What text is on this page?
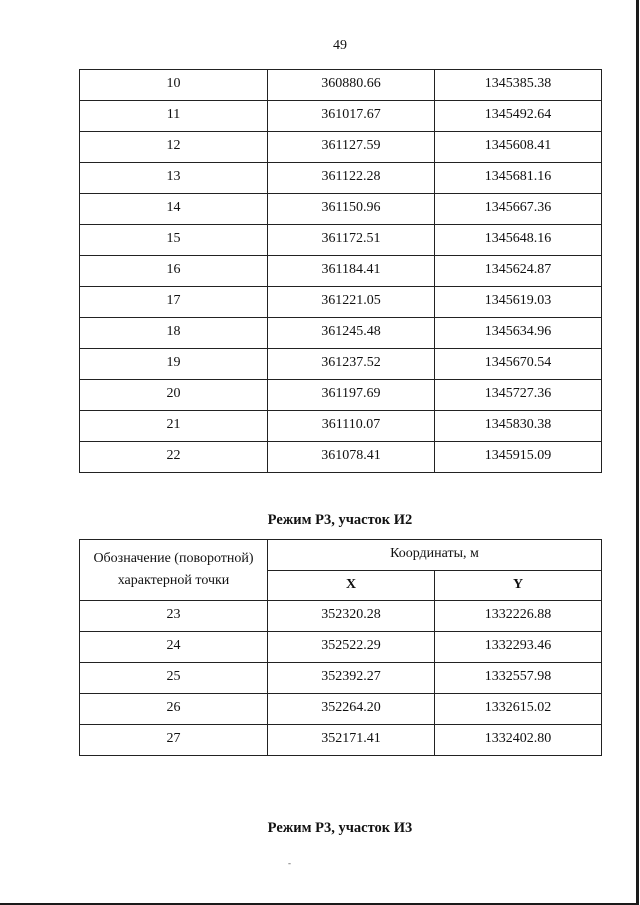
49
10	360880.66	1345385.38
11	361017.67	1345492.64
12	361127.59	1345608.41
13	361122.28	1345681.16
14	361150.96	1345667.36
15	361172.51	1345648.16
16	361184.41	1345624.87
17	361221.05	1345619.03
18	361245.48	1345634.96
19	361237.52	1345670.54
20	361197.69	1345727.36
21	361110.07	1345830.38
22	361078.41	1345915.09
Режим Р3, участок И2
Обозначение (поворотной)
характерной точки	Координаты, м	
	X	Y
23	352320.28	1332226.88
24	352522.29	1332293.46
25	352392.27	1332557.98
26	352264.20	1332615.02
27	352171.41	1332402.80
Режим Р3, участок И3
-
